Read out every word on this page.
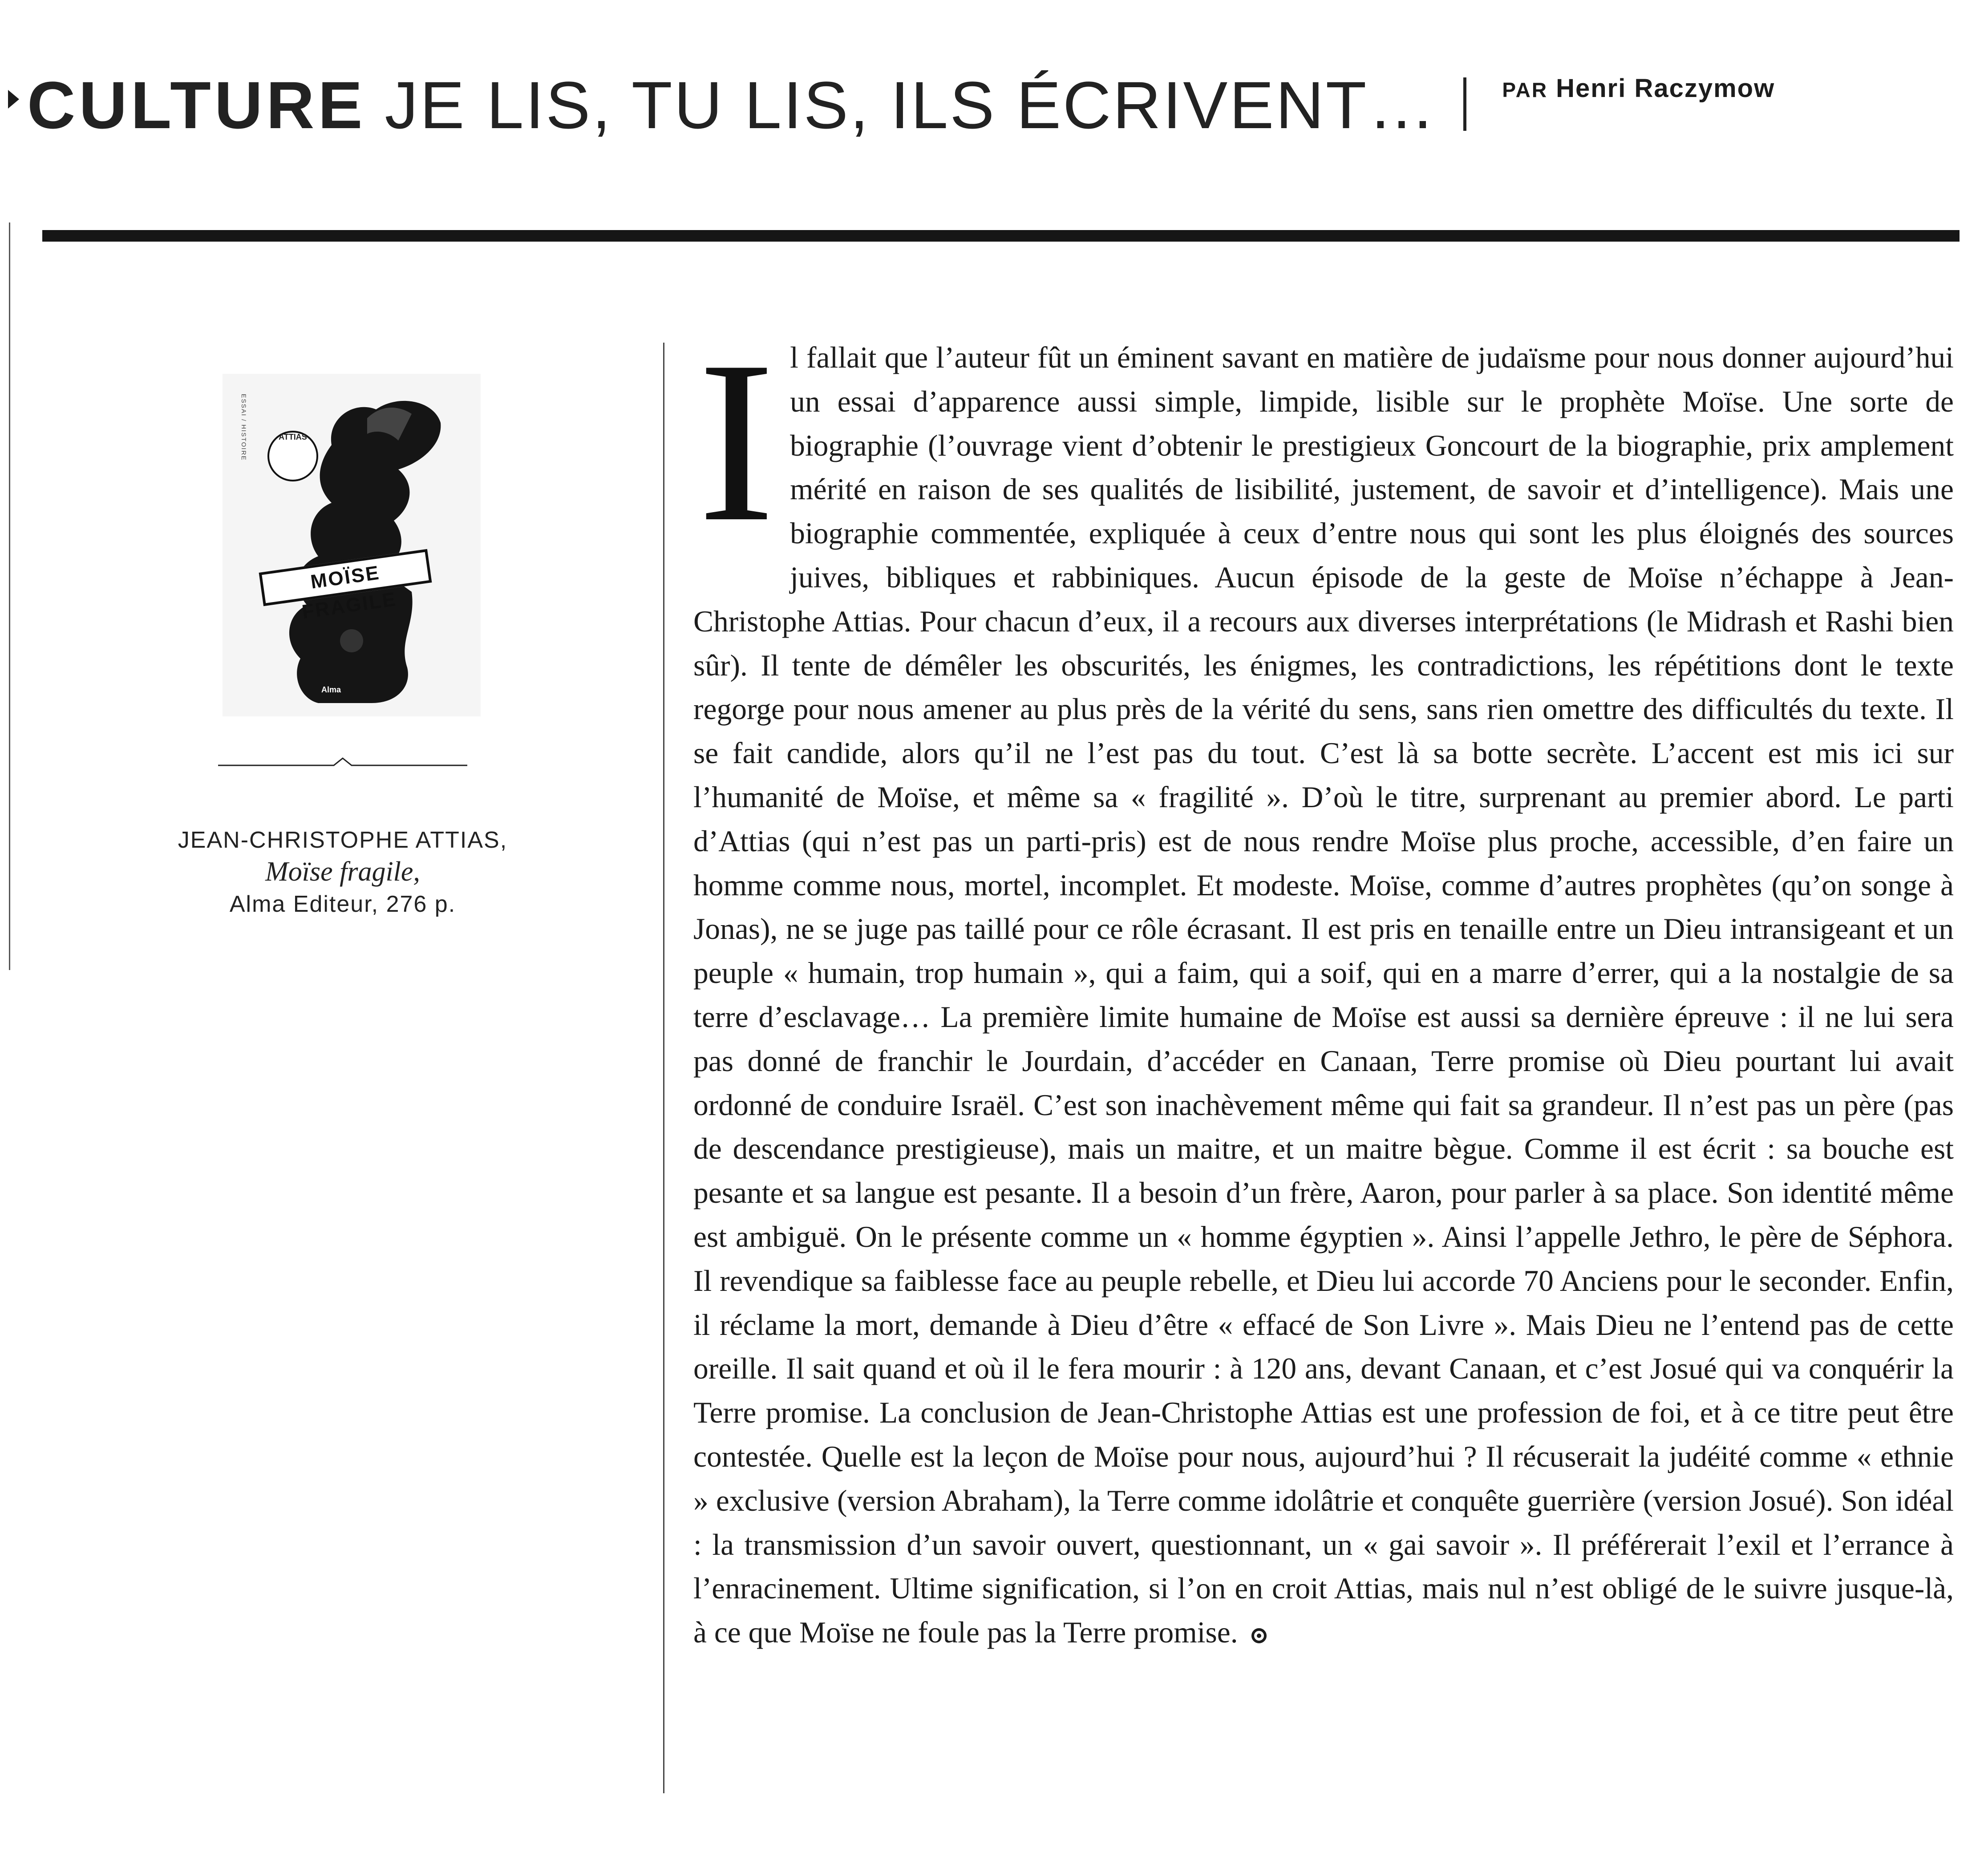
CULTURE JE LIS, TU LIS, ILS ÉCRIVENT…	PAR Henri Raczymow
ESSAI / HISTOIRE	ATTIAS
MOÏSE FRAGILE
Alma
JEAN-CHRISTOPHE ATTIAS,
Moïse fragile,
Alma Editeur, 276 p.
I l fallait que l’auteur fût un éminent savant en matière de judaïsme pour nous donner aujourd’hui un essai d’apparence aussi simple, limpide, lisible sur le prophète Moïse. Une sorte de biographie (l’ouvrage vient d’obtenir le prestigieux Goncourt de la biographie, prix amplement mérité en raison de ses qualités de lisibilité, justement, de savoir et d’intelligence). Mais une biographie commentée, expliquée à ceux d’entre nous qui sont les plus éloignés des sources juives, bibliques et rabbiniques. Aucun épisode de la geste de Moïse n’échappe à Jean-Christophe Attias. Pour chacun d’eux, il a recours aux diverses interprétations (le Midrash et Rashi bien sûr). Il tente de démêler les obscurités, les énigmes, les contradictions, les répétitions dont le texte regorge pour nous amener au plus près de la vérité du sens, sans rien omettre des difficultés du texte. Il se fait candide, alors qu’il ne l’est pas du tout. C’est là sa botte secrète. L’accent est mis ici sur l’humanité de Moïse, et même sa « fragilité ». D’où le titre, surprenant au premier abord. Le parti d’Attias (qui n’est pas un parti-pris) est de nous rendre Moïse plus proche, accessible, d’en faire un homme comme nous, mortel, incomplet. Et modeste. Moïse, comme d’autres prophètes (qu’on songe à Jonas), ne se juge pas taillé pour ce rôle écrasant. Il est pris en tenaille entre un Dieu intransigeant et un peuple « humain, trop humain », qui a faim, qui a soif, qui en a marre d’errer, qui a la nostalgie de sa terre d’esclavage… La première limite humaine de Moïse est aussi sa dernière épreuve : il ne lui sera pas donné de franchir le Jourdain, d’accéder en Canaan, Terre promise où Dieu pourtant lui avait ordonné de conduire Israël. C’est son inachèvement même qui fait sa grandeur. Il n’est pas un père (pas de descendance prestigieuse), mais un maitre, et un maitre bègue. Comme il est écrit : sa bouche est pesante et sa langue est pesante. Il a besoin d’un frère, Aaron, pour parler à sa place. Son identité même est ambiguë. On le présente comme un « homme égyptien ». Ainsi l’appelle Jethro, le père de Séphora. Il revendique sa faiblesse face au peuple rebelle, et Dieu lui accorde 70 Anciens pour le seconder. Enfin, il réclame la mort, demande à Dieu d’être « effacé de Son Livre ». Mais Dieu ne l’entend pas de cette oreille. Il sait quand et où il le fera mourir : à 120 ans, devant Canaan, et c’est Josué qui va conquérir la Terre promise. La conclusion de Jean-Christophe Attias est une profession de foi, et à ce titre peut être contestée. Quelle est la leçon de Moïse pour nous, aujourd’hui ? Il récuserait la judéité comme « ethnie » exclusive (version Abraham), la Terre comme idolâtrie et conquête guerrière (version Josué). Son idéal : la transmission d’un savoir ouvert, questionnant, un « gai savoir ». Il préférerait l’exil et l’errance à l’enracinement. Ultime signification, si l’on en croit Attias, mais nul n’est obligé de le suivre jusque-là, à ce que Moïse ne foule pas la Terre promise.
